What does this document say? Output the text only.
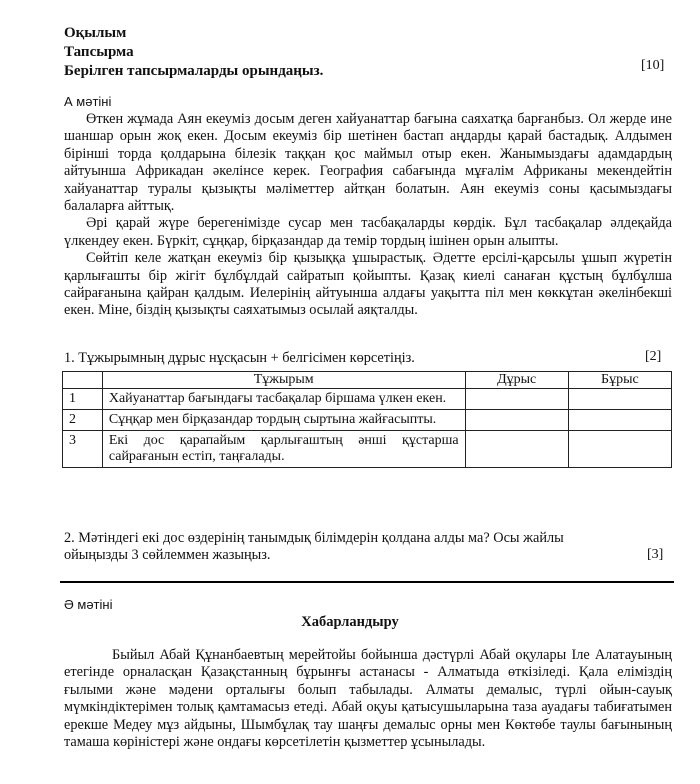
Оқылым
Тапсырма
Берілген тапсырмаларды орындаңыз.	[10]
А мәтіні

Өткен жұмада Аян екеуміз досым деген хайуанаттар бағына саяхатқа барғанбыз. Ол жерде ине шаншар орын жоқ екен. Досым екеуміз бір шетінен бастап аңдарды қарай бастадық. Алдымен бірінші торда қолдарына білезік таққан қос маймыл отыр екен. Жанымыздағы адамдардың айтуынша Африкадан әкелінсе керек. География сабағында мұғалім Африканы мекендейтін хайуанаттар туралы қызықты мәліметтер айтқан болатын. Аян екеуміз соны қасымыздағы балаларға айттық.

Әрі қарай жүре берегенімізде сусар мен тасбақаларды көрдік. Бұл тасбақалар әлдеқайда үлкендеу екен. Бүркіт, сұңқар, бірқазандар да темір тордың ішінен орын алыпты.

Сөйтіп келе жатқан екеуміз бір қызыққа ұшырастық. Әдетте ерсілі-қарсылы ұшып жүретін қарлығашты бір жігіт бұлбұлдай сайратып қойыпты. Қазақ киелі санаған құстың бұлбұлша сайрағанына қайран қалдым. Иелерінің айтуынша алдағы уақытта піл мен көккұтан әкелінбекші екен. Міне, біздің қызықты саяхатымыз осылай аяқталды.

1. Тұжырымның дұрыс нұсқасын + белгісімен көрсетіңіз.	[2]
	Тұжырым	Дұрыс	Бұрыс
1	Хайуанаттар бағындағы тасбақалар біршама үлкен екен.		
2	Сұңқар мен бірқазандар тордың сыртына жайғасыпты.		
3	Екі дос қарапайым қарлығаштың әнші құстарша сайрағанын естіп, таңғалады.		
2. Мәтіндегі екі дос өздерінің танымдық білімдерін қолдана алды ма? Осы жайлы ойыңызды 3 сөйлеммен жазыңыз.	[3]
Ә мәтіні
Хабарландыру

Быйыл Абай Құнанбаевтың мерейтойы бойынша дәстүрлі Абай оқулары Іле Алатауының етегінде орналасқан Қазақстанның бұрынғы астанасы - Алматыда өткізіледі. Қала еліміздің ғылыми және мәдени орталығы болып табылады. Алматы демалыс, түрлі ойын-сауық мүмкіндіктерімен толық қамтамасыз етеді. Абай оқуы қатысушыларына таза ауадағы табиғатымен ерекше Медеу мұз айдыны, Шымбұлақ тау шаңғы демалыс орны мен Көктөбе таулы бағынының тамаша көріністері және ондағы көрсетілетін қызметтер ұсынылады.
